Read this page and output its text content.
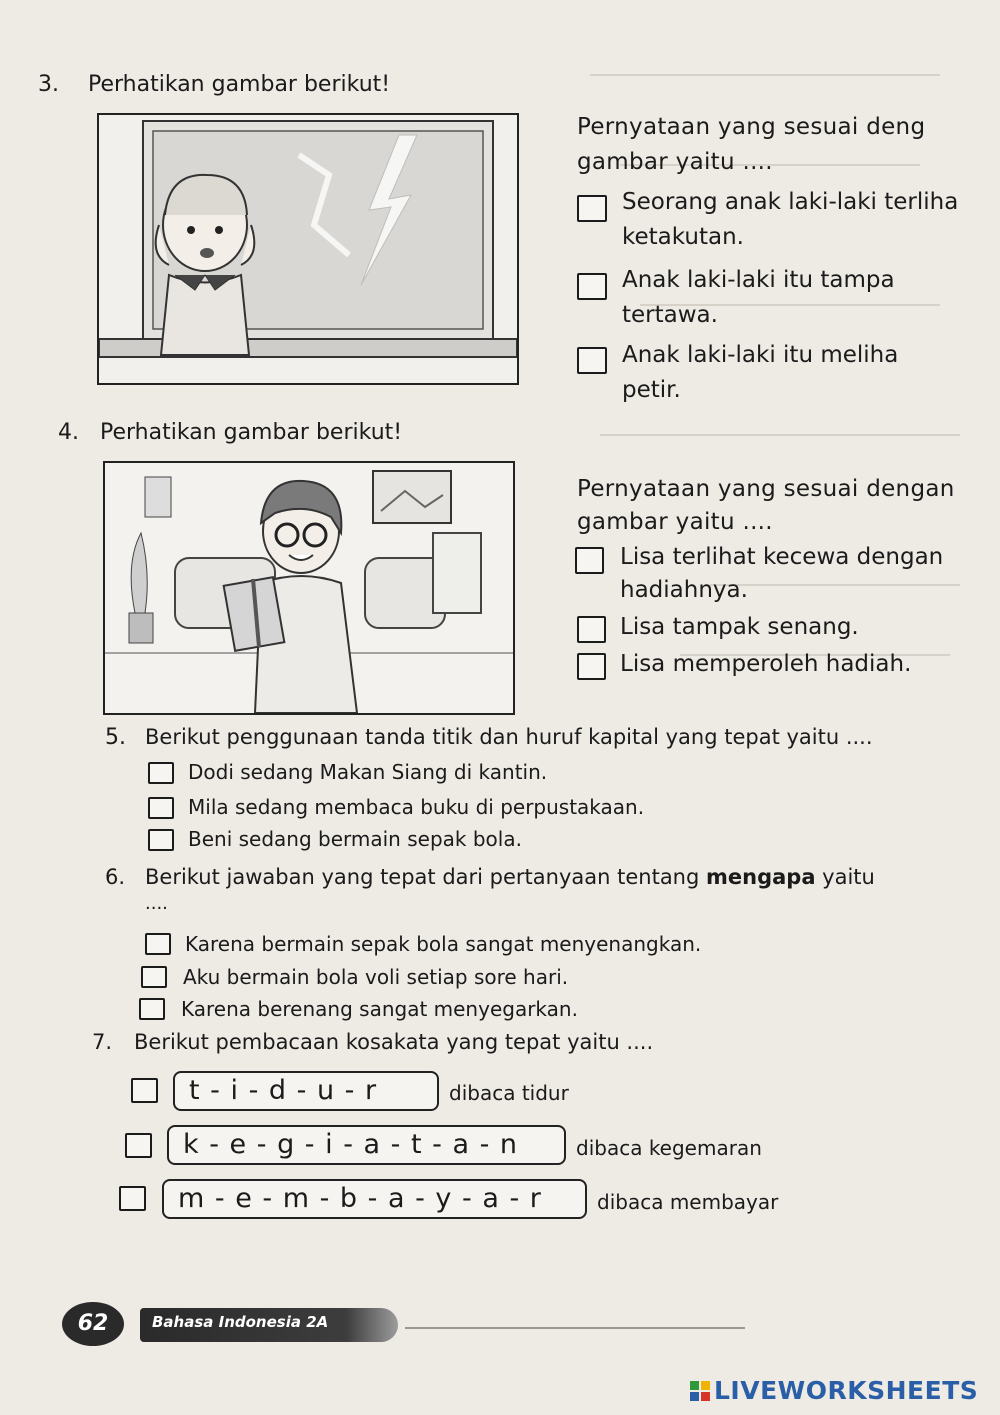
3. Perhatikan gambar berikut!
Pernyataan yang sesuai deng
gambar yaitu ....
Seorang anak laki-laki terliha
ketakutan.
Anak laki-laki itu tampa
tertawa.
Anak laki-laki itu meliha
petir.
4. Perhatikan gambar berikut!
Pernyataan yang sesuai dengan
gambar yaitu ....
Lisa terlihat kecewa dengan
hadiahnya.
Lisa tampak senang.
Lisa memperoleh hadiah.
5. Berikut penggunaan tanda titik dan huruf kapital yang tepat yaitu ....
Dodi sedang Makan Siang di kantin.
Mila sedang membaca buku di perpustakaan.
Beni sedang bermain sepak bola.
6. Berikut jawaban yang tepat dari pertanyaan tentang mengapa yaitu
....
Karena bermain sepak bola sangat menyenangkan.
Aku bermain bola voli setiap sore hari.
Karena berenang sangat menyegarkan.
7. Berikut pembacaan kosakata yang tepat yaitu ....
t - i - d - u - r	dibaca tidur
k - e - g - i - a - t - a - n	dibaca kegemaran
m - e - m - b - a - y - a - r	dibaca membayar
62	Bahasa Indonesia 2A
LIVEWORKSHEETS
